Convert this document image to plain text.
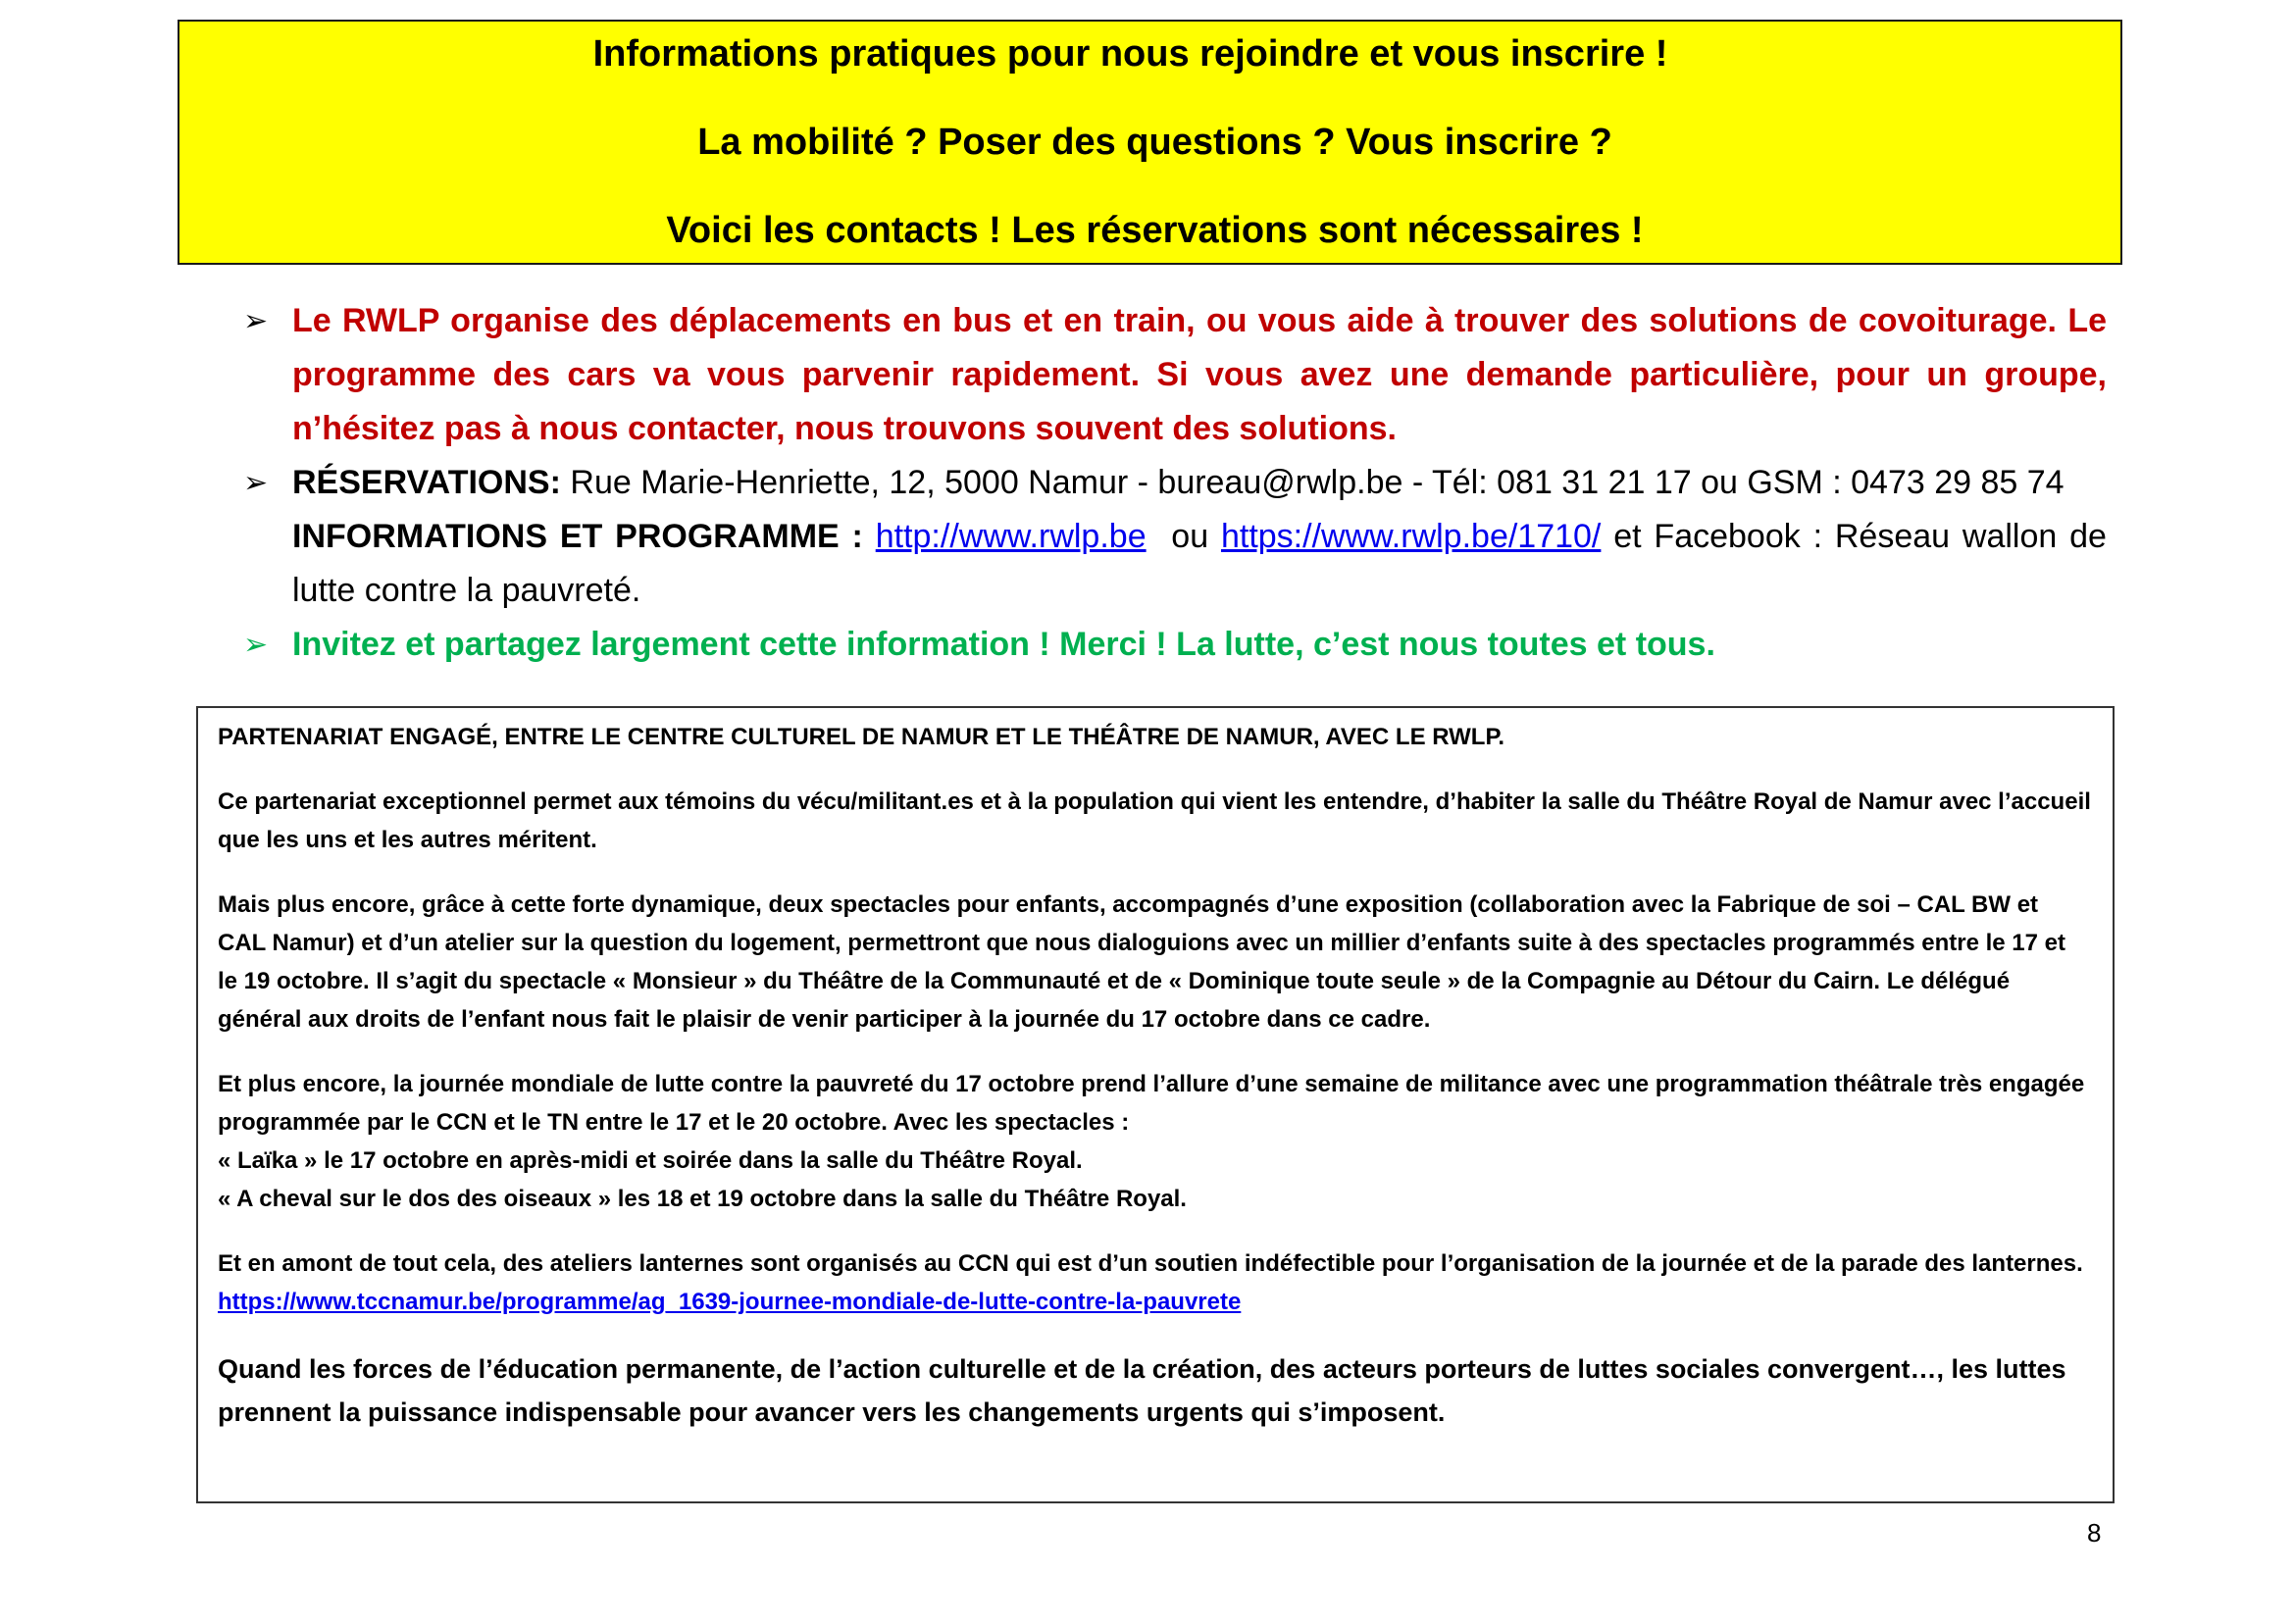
Informations pratiques pour nous rejoindre et vous inscrire !
La mobilité ? Poser des questions ? Vous inscrire ?
Voici les contacts ! Les réservations sont nécessaires !

➢ Le RWLP organise des déplacements en bus et en train, ou vous aide à trouver des solutions de covoiturage. Le programme des cars va vous parvenir rapidement. Si vous avez une demande particulière, pour un groupe, n’hésitez pas à nous contacter, nous trouvons souvent des solutions.

➢ RÉSERVATIONS: Rue Marie-Henriette, 12, 5000 Namur - bureau@rwlp.be - Tél: 081 31 21 17 ou GSM : 0473 29 85 74
INFORMATIONS ET PROGRAMME : http://www.rwlp.be ou https://www.rwlp.be/1710/ et Facebook : Réseau wallon de lutte contre la pauvreté.

➢ Invitez et partagez largement cette information ! Merci ! La lutte, c’est nous toutes et tous.

PARTENARIAT ENGAGÉ, ENTRE LE CENTRE CULTUREL DE NAMUR ET LE THÉÂTRE DE NAMUR, AVEC LE RWLP.

Ce partenariat exceptionnel permet aux témoins du vécu/militant.es et à la population qui vient les entendre, d’habiter la salle du Théâtre Royal de Namur avec l’accueil que les uns et les autres méritent.

Mais plus encore, grâce à cette forte dynamique, deux spectacles pour enfants, accompagnés d’une exposition (collaboration avec la Fabrique de soi – CAL BW et CAL Namur) et d’un atelier sur la question du logement, permettront que nous dialoguions avec un millier d’enfants suite à des spectacles programmés entre le 17 et le 19 octobre. Il s’agit du spectacle « Monsieur » du Théâtre de la Communauté et de « Dominique toute seule » de la Compagnie au Détour du Cairn. Le délégué général aux droits de l’enfant nous fait le plaisir de venir participer à la journée du 17 octobre dans ce cadre.

Et plus encore, la journée mondiale de lutte contre la pauvreté du 17 octobre prend l’allure d’une semaine de militance avec une programmation théâtrale très engagée programmée par le CCN et le TN entre le 17 et le 20 octobre. Avec les spectacles :
« Laïka » le 17 octobre en après-midi et soirée dans la salle du Théâtre Royal.
« A cheval sur le dos des oiseaux » les 18 et 19 octobre dans la salle du Théâtre Royal.

Et en amont de tout cela, des ateliers lanternes sont organisés au CCN qui est d’un soutien indéfectible pour l’organisation de la journée et de la parade des lanternes.
https://www.tccnamur.be/programme/ag_1639-journee-mondiale-de-lutte-contre-la-pauvrete

Quand les forces de l’éducation permanente, de l’action culturelle et de la création, des acteurs porteurs de luttes sociales convergent…, les luttes prennent la puissance indispensable pour avancer vers les changements urgents qui s’imposent.

8
